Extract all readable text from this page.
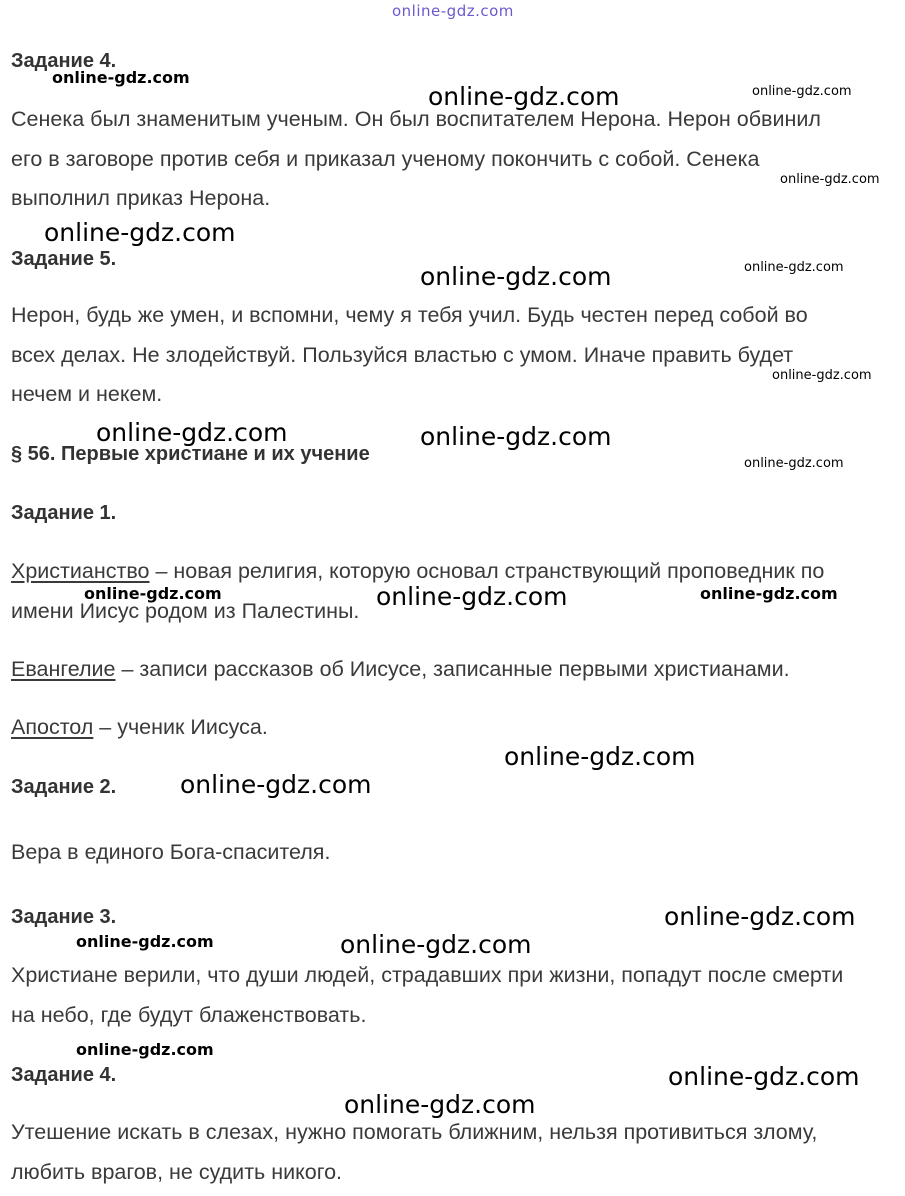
online-gdz.com
Задание 4.
Сенека был знаменитым ученым. Он был воспитателем Нерона. Нерон обвинил
его в заговоре против себя и приказал ученому покончить с собой. Сенека
выполнил приказ Нерона.
Задание 5.
Нерон, будь же умен, и вспомни, чему я тебя учил. Будь честен перед собой во
всех делах. Не злодействуй. Пользуйся властью с умом. Иначе править будет
нечем и некем.
§ 56. Первые христиане и их учение
Задание 1.
Христианство – новая религия, которую основал странствующий проповедник по
имени Иисус родом из Палестины.
Евангелие – записи рассказов об Иисусе, записанные первыми христианами.
Апостол – ученик Иисуса.
Задание 2.
Вера в единого Бога-спасителя.
Задание 3.
Христиане верили, что души людей, страдавших при жизни, попадут после смерти
на небо, где будут блаженствовать.
Задание 4.
Утешение искать в слезах, нужно помогать ближним, нельзя противиться злому,
любить врагов, не судить никого.
online-gdz.com
online-gdz.com	online-gdz.com
online-gdz.com
online-gdz.com
online-gdz.com	online-gdz.com
online-gdz.com
online-gdz.com	online-gdz.com
online-gdz.com
online-gdz.com	online-gdz.com	online-gdz.com
online-gdz.com
online-gdz.com
online-gdz.com
online-gdz.com	online-gdz.com
online-gdz.com
online-gdz.com
online-gdz.com
